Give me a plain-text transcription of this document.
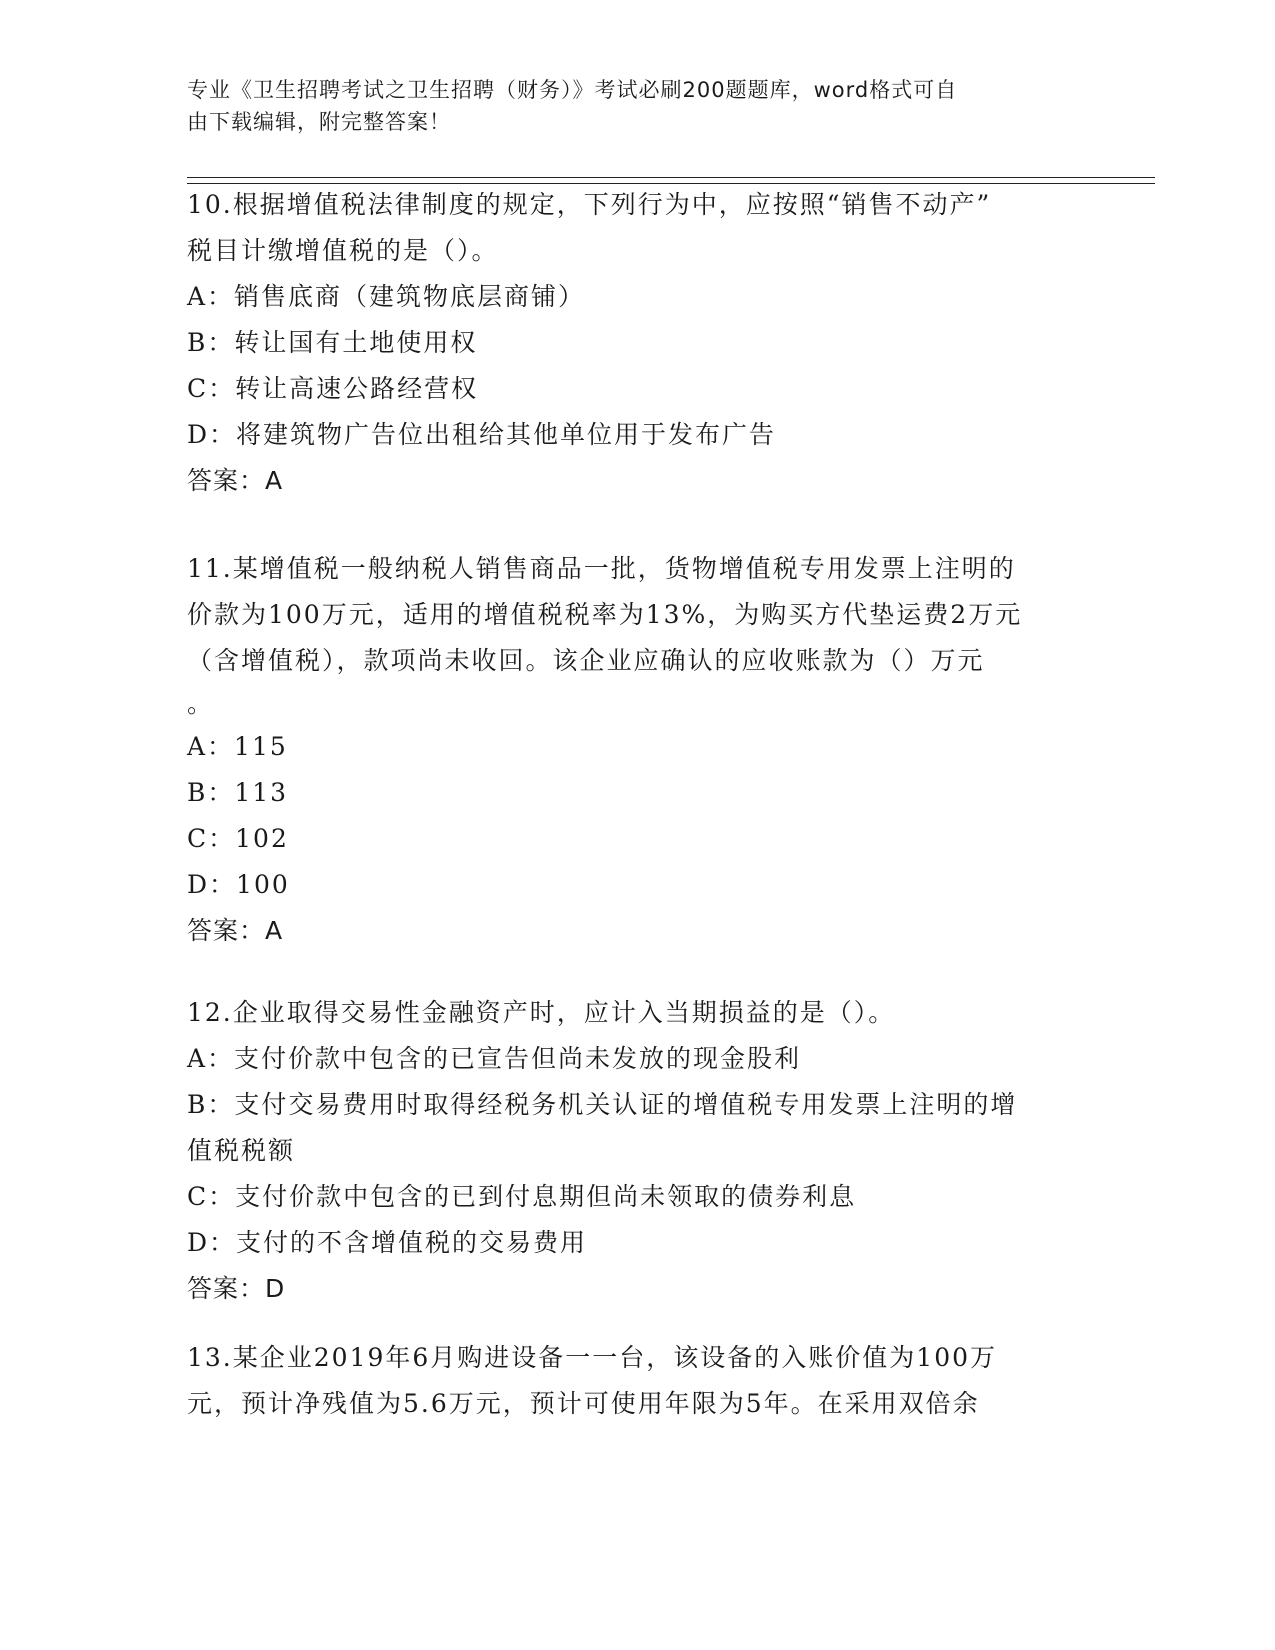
专业《卫生招聘考试之卫生招聘（财务）》考试必刷200题题库，word格式可自
由下载编辑，附完整答案！
10.根据增值税法律制度的规定，下列行为中，应按照“销售不动产”
税目计缴增值税的是（）。
A：销售底商（建筑物底层商铺）
B：转让国有土地使用权
C：转让高速公路经营权
D：将建筑物广告位出租给其他单位用于发布广告
答案：A
11.某增值税一般纳税人销售商品一批，货物增值税专用发票上注明的
价款为100万元，适用的增值税税率为13%，为购买方代垫运费2万元
（含增值税），款项尚未收回。该企业应确认的应收账款为（）万元
。
A：115
B：113
C：102
D：100
答案：A
12.企业取得交易性金融资产时，应计入当期损益的是（）。
A：支付价款中包含的已宣告但尚未发放的现金股利
B：支付交易费用时取得经税务机关认证的增值税专用发票上注明的增
值税税额
C：支付价款中包含的已到付息期但尚未领取的债券利息
D：支付的不含增值税的交易费用
答案：D
13.某企业2019年6月购进设备一一台，该设备的入账价值为100万
元，预计净残值为5.6万元，预计可使用年限为5年。在采用双倍余
